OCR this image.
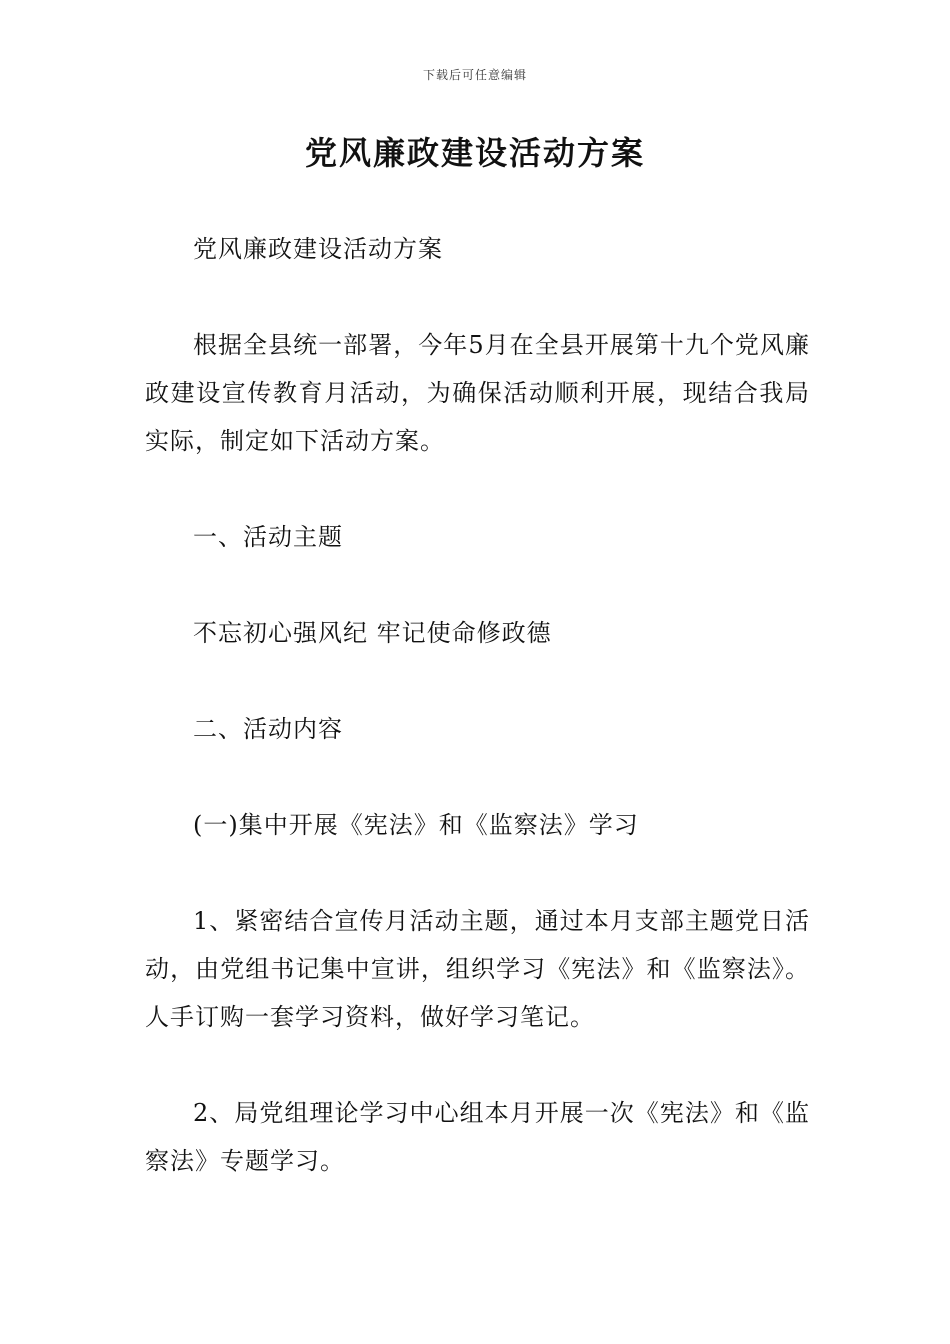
下载后可任意编辑
党风廉政建设活动方案

党风廉政建设活动方案

根据全县统一部署，今年5月在全县开展第十九个党风廉政建设宣传教育月活动，为确保活动顺利开展，现结合我局实际，制定如下活动方案。

一、活动主题

不忘初心强风纪 牢记使命修政德

二、活动内容

(一)集中开展《宪法》和《监察法》学习

1、紧密结合宣传月活动主题，通过本月支部主题党日活动，由党组书记集中宣讲，组织学习《宪法》和《监察法》。人手订购一套学习资料，做好学习笔记。

2、局党组理论学习中心组本月开展一次《宪法》和《监察法》专题学习。
